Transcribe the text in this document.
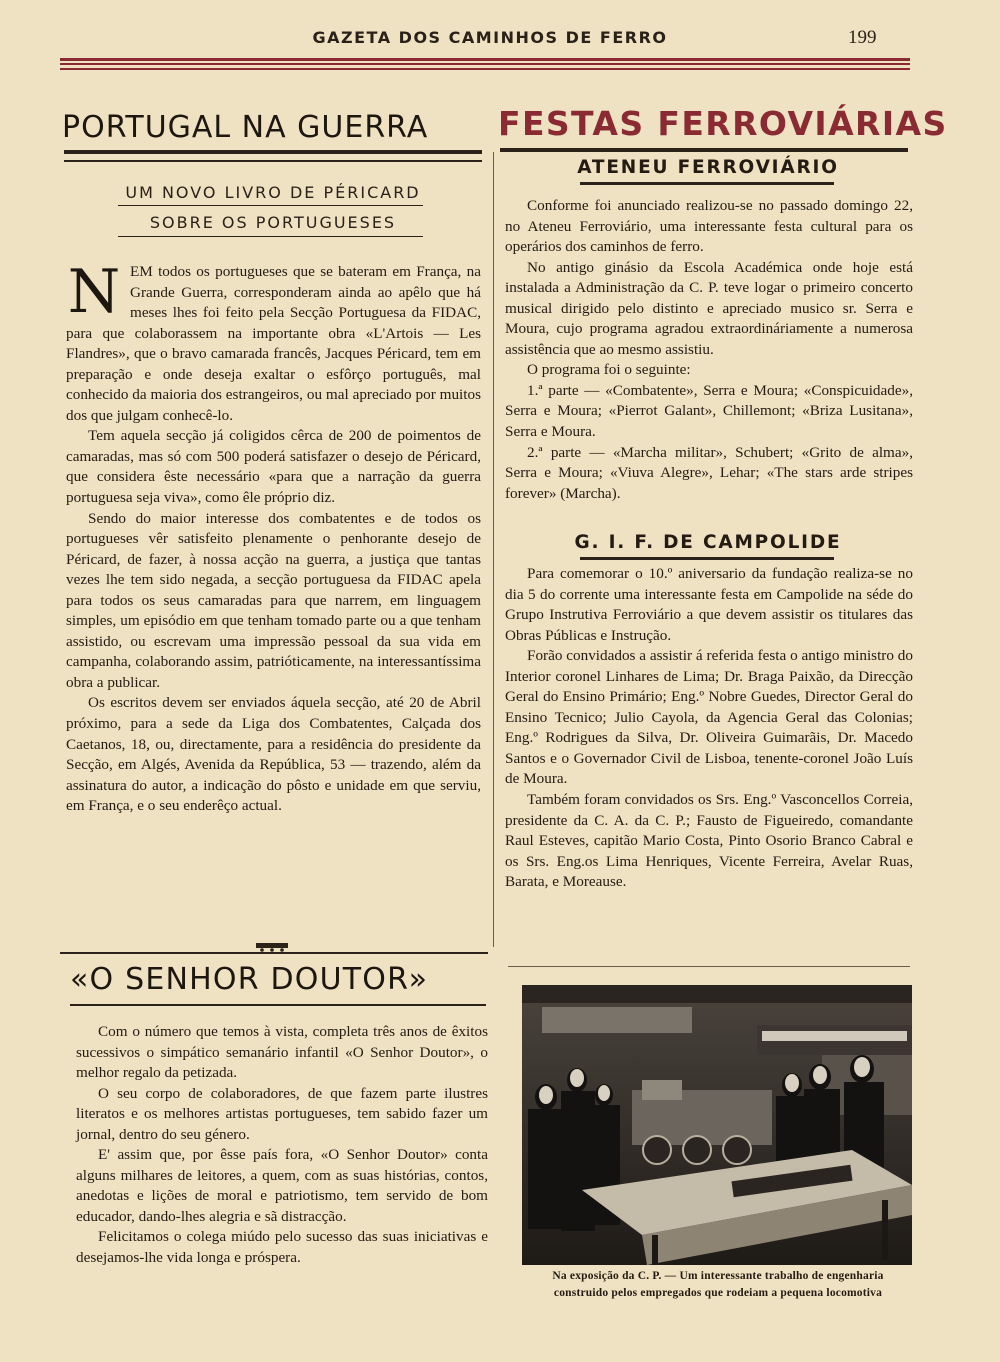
GAZETA DOS CAMINHOS DE FERRO	199
PORTUGAL NA GUERRA
UM NOVO LIVRO DE PÉRICARD
SOBRE OS PORTUGUESES
N EM todos os portugueses que se bateram em França, na Grande Guerra, corresponderam ainda ao apêlo que há meses lhes foi feito pela Secção Portuguesa da FIDAC, para que colaborassem na importante obra «L'Artois — Les Flandres», que o bravo camarada francês, Jacques Péricard, tem em preparação e onde deseja exaltar o esfôrço português, mal conhecido da maioria dos estrangeiros, ou mal apreciado por muitos dos que julgam conhecê-lo.

Tem aquela secção já coligidos cêrca de 200 de poimentos de camaradas, mas só com 500 poderá satisfazer o desejo de Péricard, que considera êste necessário «para que a narração da guerra portuguesa seja viva», como êle próprio diz.

Sendo do maior interesse dos combatentes e de todos os portugueses vêr satisfeito plenamente o penhorante desejo de Péricard, de fazer, à nossa acção na guerra, a justiça que tantas vezes lhe tem sido negada, a secção portuguesa da FIDAC apela para todos os seus camaradas para que narrem, em linguagem simples, um episódio em que tenham tomado parte ou a que tenham assistido, ou escrevam uma impressão pessoal da sua vida em campanha, colaborando assim, patrióticamente, na interessantíssima obra a publicar.

Os escritos devem ser enviados áquela secção, até 20 de Abril próximo, para a sede da Liga dos Combatentes, Calçada dos Caetanos, 18, ou, directamente, para a residência do presidente da Secção, em Algés, Avenida da República, 53 — trazendo, além da assinatura do autor, a indicação do pôsto e unidade em que serviu, em França, e o seu enderêço actual.

«O SENHOR DOUTOR»

Com o número que temos à vista, completa três anos de êxitos sucessivos o simpático semanário infantil «O Senhor Doutor», o melhor regalo da petizada.

O seu corpo de colaboradores, de que fazem parte ilustres literatos e os melhores artistas portugueses, tem sabido fazer um jornal, dentro do seu género.

E' assim que, por êsse país fora, «O Senhor Doutor» conta alguns milhares de leitores, a quem, com as suas histórias, contos, anedotas e lições de moral e patriotismo, tem servido de bom educador, dando-lhes alegria e sã distracção.

Felicitamos o colega miúdo pelo sucesso das suas iniciativas e desejamos-lhe vida longa e próspera.

FESTAS FERROVIÁRIAS
ATENEU FERROVIÁRIO

Conforme foi anunciado realizou-se no passado domingo 22, no Ateneu Ferroviário, uma interessante festa cultural para os operários dos caminhos de ferro.

No antigo ginásio da Escola Académica onde hoje está instalada a Administração da C. P. teve logar o primeiro concerto musical dirigido pelo distinto e apreciado musico sr. Serra e Moura, cujo programa agradou extraordináriamente a numerosa assistência que ao mesmo assistiu.

O programa foi o seguinte:

1.ª parte — «Combatente», Serra e Moura; «Conspicuidade», Serra e Moura; «Pierrot Galant», Chillemont; «Briza Lusitana», Serra e Moura.

2.ª parte — «Marcha militar», Schubert; «Grito de alma», Serra e Moura; «Viuva Alegre», Lehar; «The stars arde stripes forever» (Marcha).

G. I. F. DE CAMPOLIDE

Para comemorar o 10.º aniversario da fundação realiza-se no dia 5 do corrente uma interessante festa em Campolide na séde do Grupo Instrutiva Ferroviário a que devem assistir os titulares das Obras Públicas e Instrução.

Forão convidados a assistir á referida festa o antigo ministro do Interior coronel Linhares de Lima; Dr. Braga Paixão, da Direcção Geral do Ensino Primário; Eng.º Nobre Guedes, Director Geral do Ensino Tecnico; Julio Cayola, da Agencia Geral das Colonias; Eng.º Rodrigues da Silva, Dr. Oliveira Guimarãis, Dr. Macedo Santos e o Governador Civil de Lisboa, tenente-coronel João Luís de Moura.

Também foram convidados os Srs. Eng.º Vasconcellos Correia, presidente da C. A. da C. P.; Fausto de Figueiredo, comandante Raul Esteves, capitão Mario Costa, Pinto Osorio Branco Cabral e os Srs. Eng.os Lima Henriques, Vicente Ferreira, Avelar Ruas, Barata, e Moreause.

Na exposição da C. P. — Um interessante trabalho de engenharia
construido pelos empregados que rodeiam a pequena locomotiva
